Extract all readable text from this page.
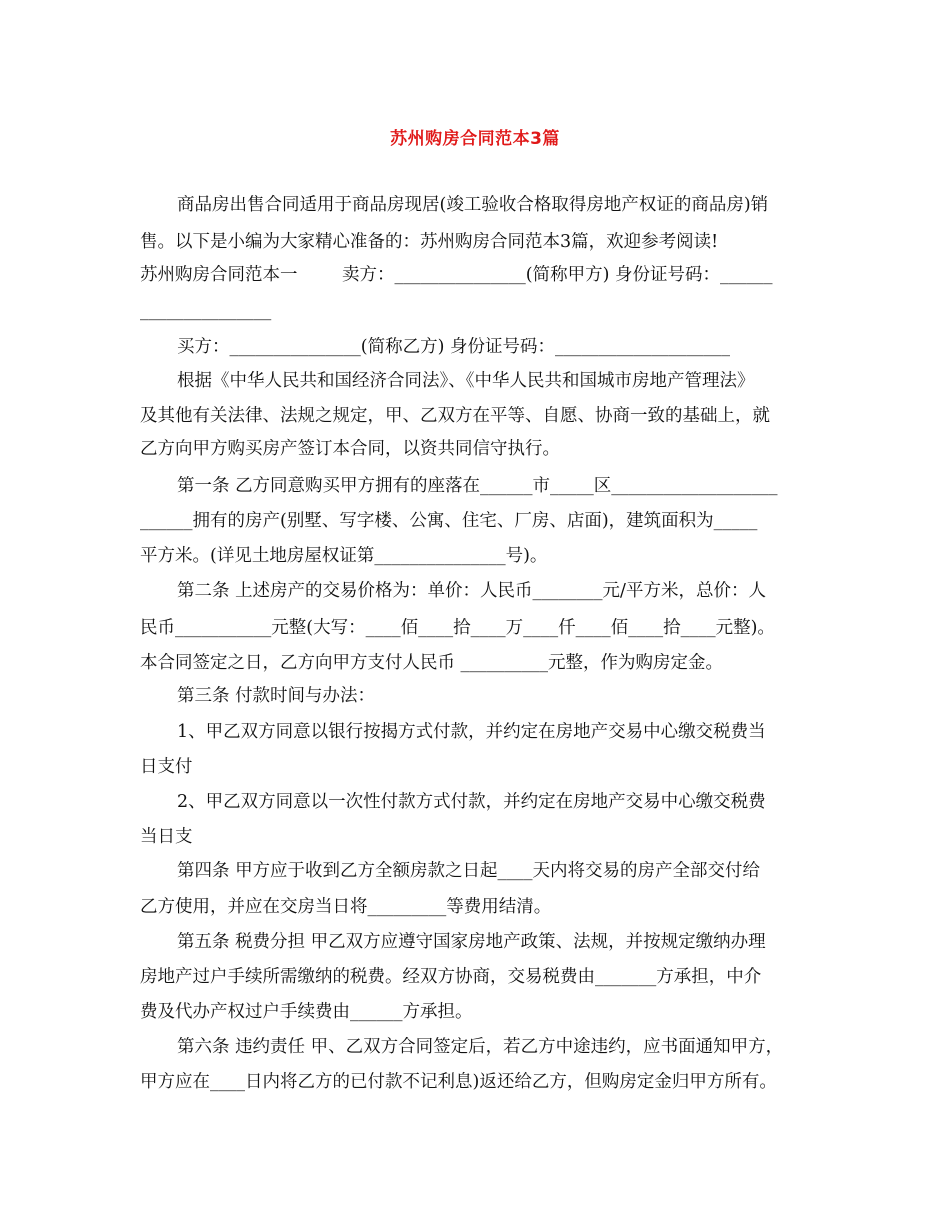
苏州购房合同范本3篇
商品房出售合同适用于商品房现居(竣工验收合格取得房地产权证的商品房)销
售。以下是小编为大家精心准备的：苏州购房合同范本3篇，欢迎参考阅读!
苏州购房合同范本一        卖方：_______________(简称甲方) 身份证号码：______
_______________
买方：_______________(简称乙方) 身份证号码：____________________
根据《中华人民共和国经济合同法》、《中华人民共和国城市房地产管理法》
及其他有关法律、法规之规定，甲、乙双方在平等、自愿、协商一致的基础上，就
乙方向甲方购买房产签订本合同，以资共同信守执行。
第一条 乙方同意购买甲方拥有的座落在______市_____区___________________
______拥有的房产(别墅、写字楼、公寓、住宅、厂房、店面)，建筑面积为_____
平方米。(详见土地房屋权证第_______________号)。
第二条 上述房产的交易价格为：单价：人民币________元/平方米，总价：人
民币___________元整(大写：____佰____拾____万____仟____佰____拾____元整)。
本合同签定之日，乙方向甲方支付人民币 __________元整，作为购房定金。
第三条 付款时间与办法：
1、甲乙双方同意以银行按揭方式付款，并约定在房地产交易中心缴交税费当
日支付
2、甲乙双方同意以一次性付款方式付款，并约定在房地产交易中心缴交税费
当日支
第四条 甲方应于收到乙方全额房款之日起____天内将交易的房产全部交付给
乙方使用，并应在交房当日将_________等费用结清。
第五条 税费分担 甲乙双方应遵守国家房地产政策、法规，并按规定缴纳办理
房地产过户手续所需缴纳的税费。经双方协商，交易税费由_______方承担，中介
费及代办产权过户手续费由______方承担。
第六条 违约责任 甲、乙双方合同签定后，若乙方中途违约，应书面通知甲方，
甲方应在____日内将乙方的已付款不记利息)返还给乙方，但购房定金归甲方所有。
